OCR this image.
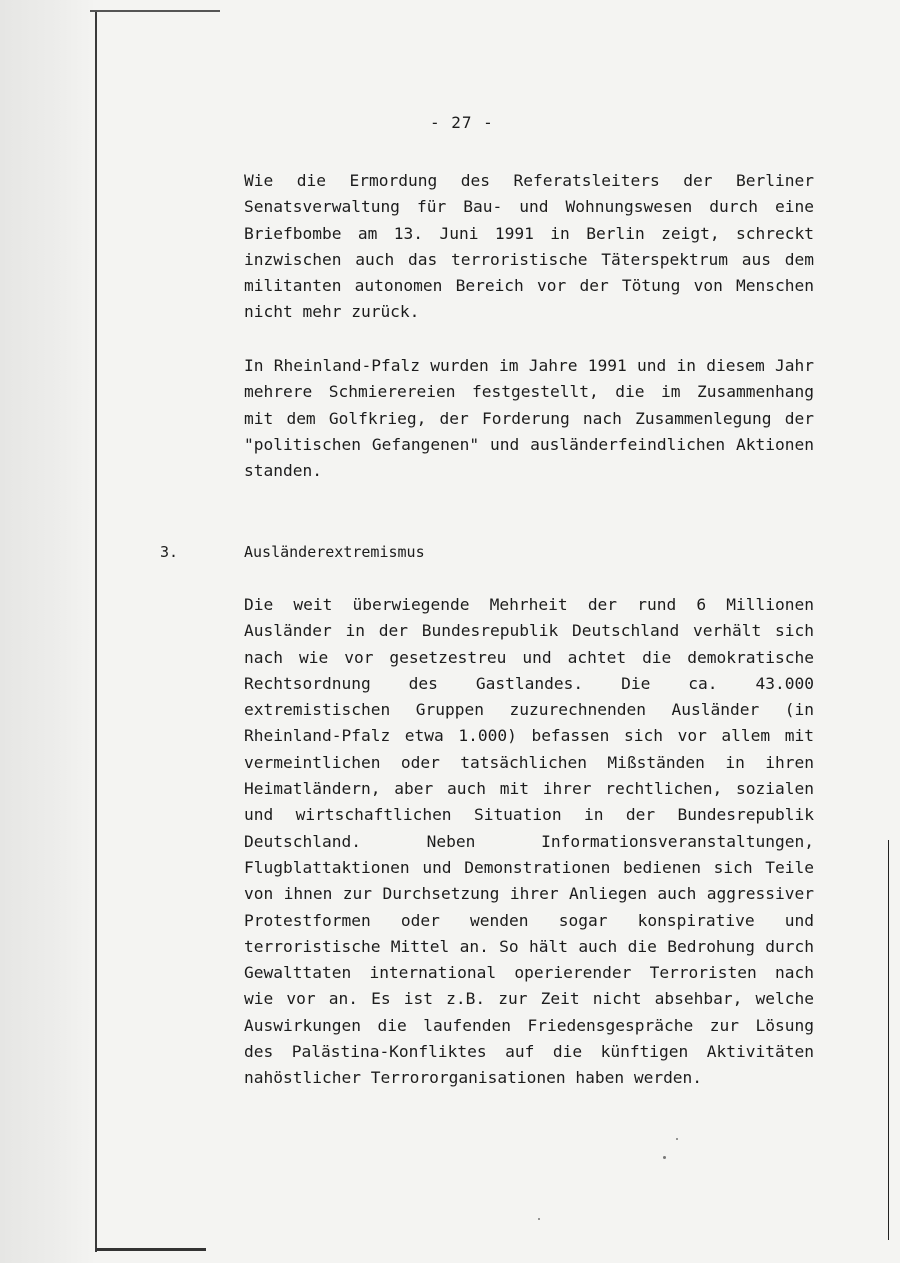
- 27 -

Wie die Ermordung des Referatsleiters der Berliner Senatsverwaltung für Bau- und Wohnungswesen durch eine Briefbombe am 13. Juni 1991 in Berlin zeigt, schreckt inzwischen auch das terroristische Täterspektrum aus dem militanten autonomen Bereich vor der Tötung von Menschen nicht mehr zurück.

In Rheinland-Pfalz wurden im Jahre 1991 und in diesem Jahr mehrere Schmierereien festgestellt, die im Zusammenhang mit dem Golfkrieg, der Forderung nach Zusammenlegung der "politischen Gefangenen" und ausländerfeindlichen Aktionen standen.

3.	Ausländerextremismus

Die weit überwiegende Mehrheit der rund 6 Millionen Ausländer in der Bundesrepublik Deutschland verhält sich nach wie vor gesetzestreu und achtet die demokratische Rechtsordnung des Gastlandes. Die ca. 43.000 extremistischen Gruppen zuzurechnenden Ausländer (in Rheinland-Pfalz etwa 1.000) befassen sich vor allem mit vermeintlichen oder tatsächlichen Mißständen in ihren Heimatländern, aber auch mit ihrer rechtlichen, sozialen und wirtschaftlichen Situation in der Bundesrepublik Deutschland. Neben Informationsveranstaltungen, Flugblattaktionen und Demonstrationen bedienen sich Teile von ihnen zur Durchsetzung ihrer Anliegen auch aggressiver Protestformen oder wenden sogar konspirative und terroristische Mittel an. So hält auch die Bedrohung durch Gewalttaten international operierender Terroristen nach wie vor an. Es ist z.B. zur Zeit nicht absehbar, welche Auswirkungen die laufenden Friedensgespräche zur Lösung des Palästina-Konfliktes auf die künftigen Aktivitäten nahöstlicher Terrororganisationen haben werden.
